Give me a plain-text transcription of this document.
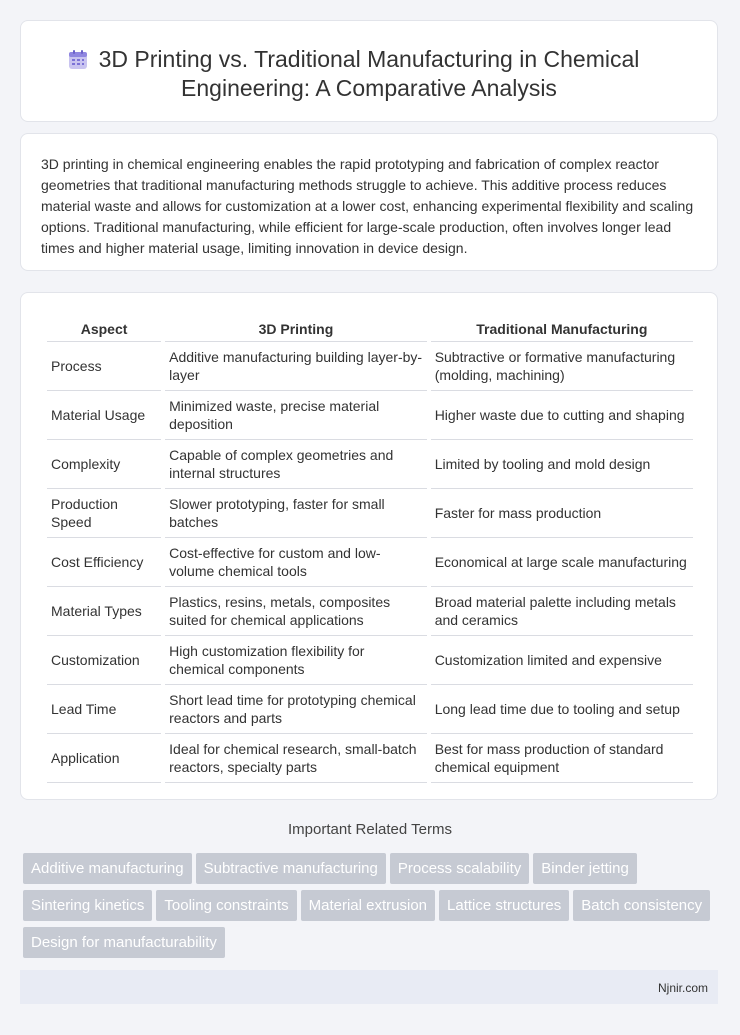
3D Printing vs. Traditional Manufacturing in Chemical
Engineering: A Comparative Analysis

3D printing in chemical engineering enables the rapid prototyping and fabrication of complex reactor geometries that traditional manufacturing methods struggle to achieve. This additive process reduces material waste and allows for customization at a lower cost, enhancing experimental flexibility and scaling options. Traditional manufacturing, while efficient for large-scale production, often involves longer lead times and higher material usage, limiting innovation in device design.

Aspect	3D Printing	Traditional Manufacturing
Process	Additive manufacturing building layer-by-layer	Subtractive or formative manufacturing (molding, machining)
Material Usage	Minimized waste, precise material deposition	Higher waste due to cutting and shaping
Complexity	Capable of complex geometries and internal structures	Limited by tooling and mold design
Production Speed	Slower prototyping, faster for small batches	Faster for mass production
Cost Efficiency	Cost-effective for custom and low-volume chemical tools	Economical at large scale manufacturing
Material Types	Plastics, resins, metals, composites suited for chemical applications	Broad material palette including metals and ceramics
Customization	High customization flexibility for chemical components	Customization limited and expensive
Lead Time	Short lead time for prototyping chemical reactors and parts	Long lead time due to tooling and setup
Application	Ideal for chemical research, small-batch reactors, specialty parts	Best for mass production of standard chemical equipment
Important Related Terms
Additive manufacturing Subtractive manufacturing Process scalability Binder jettingSintering kinetics Tooling constraints Material extrusion Lattice structures Batch consistencyDesign for manufacturability
Njnir.com
